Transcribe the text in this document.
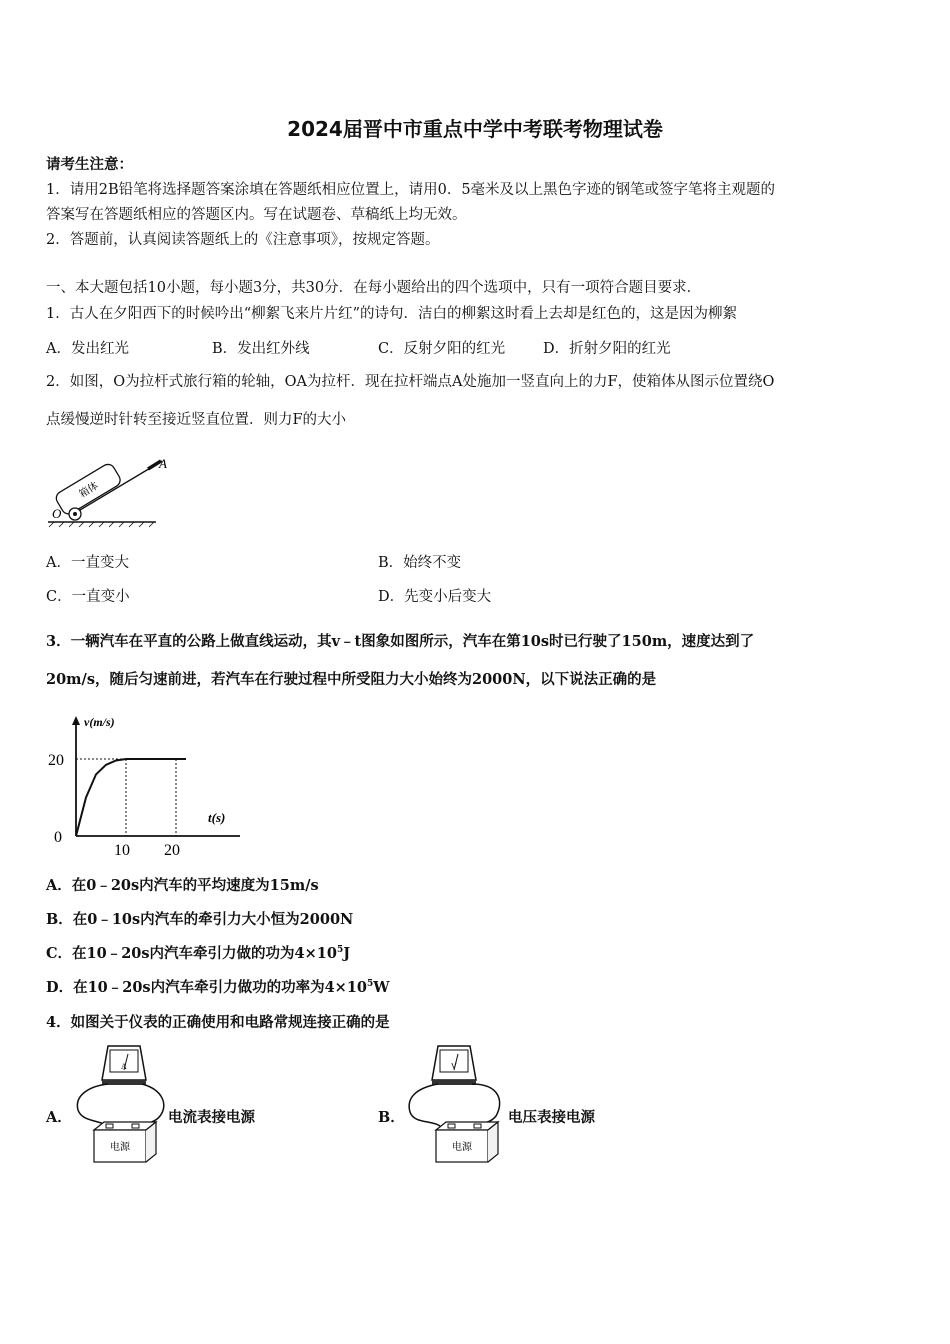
2024届晋中市重点中学中考联考物理试卷
请考生注意：
1．请用2B铅笔将选择题答案涂填在答题纸相应位置上，请用0．5毫米及以上黑色字迹的钢笔或签字笔将主观题的
答案写在答题纸相应的答题区内。写在试题卷、草稿纸上均无效。
2．答题前，认真阅读答题纸上的《注意事项》，按规定答题。
一、本大题包括10小题，每小题3分，共30分．在每小题给出的四个选项中，只有一项符合题目要求．
1．古人在夕阳西下的时候吟出“柳絮飞来片片红”的诗句．洁白的柳絮这时看上去却是红色的，这是因为柳絮
A．发出红光	B．发出红外线	C．反射夕阳的红光	D．折射夕阳的红光
2．如图，O为拉杆式旅行箱的轮轴，OA为拉杆．现在拉杆端点A处施加一竖直向上的力F，使箱体从图示位置绕O
点缓慢逆时针转至接近竖直位置．则力F的大小
箱体
O
A
A．一直变大	B．始终不变
C．一直变小	D．先变小后变大
3．一辆汽车在平直的公路上做直线运动，其v﹣t图象如图所示，汽车在第10s时已行驶了150m，速度达到了
20m/s，随后匀速前进，若汽车在行驶过程中所受阻力大小始终为2000N，以下说法正确的是
v(m/s)
t(s)
20
0
10 20
A．在0﹣20s内汽车的平均速度为15m/s
B．在0﹣10s内汽车的牵引力大小恒为2000N
C．在10﹣20s内汽车牵引力做的功为$4\times 10^5J$
D．在10﹣20s内汽车牵引力做功的功率为$4\times 10^5W$
4．如图关于仪表的正确使用和电路常规连接正确的是
A．
A
电源
电流表接电源	B．
V
电源
电压表接电源
